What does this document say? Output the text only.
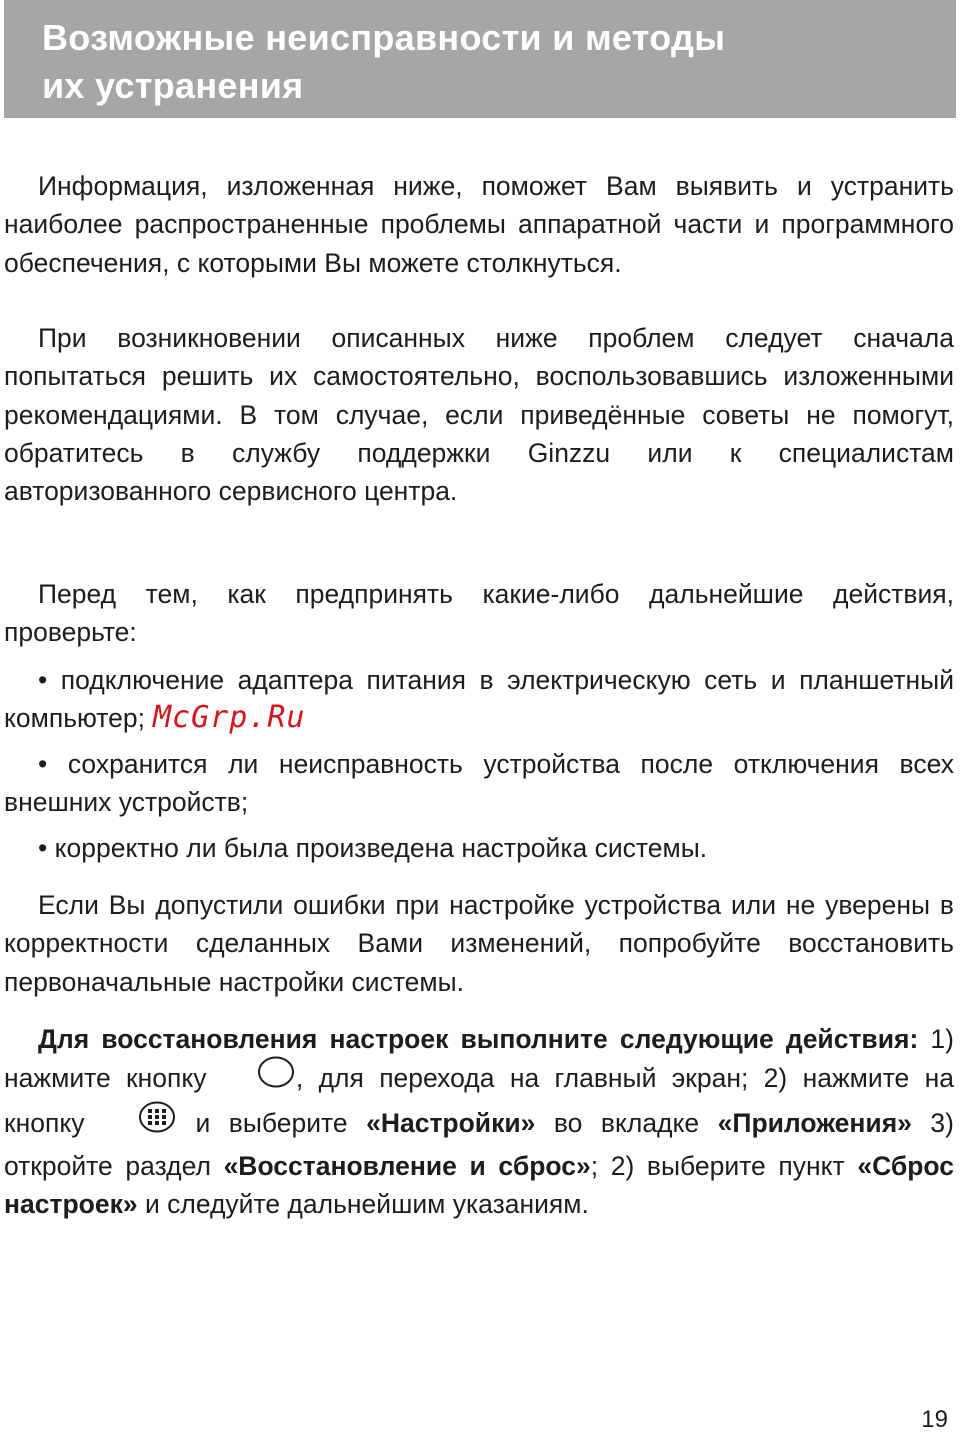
Возможные неисправности и методы
их устранения

Информация, изложенная ниже, поможет Вам выявить и устранить наиболее распространенные проблемы аппаратной части и программного обеспечения, с которыми Вы можете столкнуться.

При возникновении описанных ниже проблем следует сначала попытаться решить их самостоятельно, воспользовавшись изложенными рекомендациями. В том случае, если приведённые советы не помогут, обратитесь в службу поддержки Ginzzu или к специалистам авторизованного сервисного центра.

Перед тем, как предпринять какие-либо дальнейшие действия, проверьте:

• подключение адаптера питания в электрическую сеть и планшетный компьютер; McGrp.Ru

• сохранится ли неисправность устройства после отключения всех внешних устройств;

• корректно ли была произведена настройка системы.

Если Вы допустили ошибки при настройке устройства или не уверены в корректности сделанных Вами изменений, попробуйте восстановить первоначальные настройки системы.

Для восстановления настроек выполните следующие действия: 1) нажмите кнопку	, для перехода на главный экран; 2) нажмите на кнопку	и выберите «Настройки» во вкладке «Приложения» 3) откройте раздел «Восстановление и сброс»; 2) выберите пункт «Сброс настроек» и следуйте дальнейшим указаниям.

19
